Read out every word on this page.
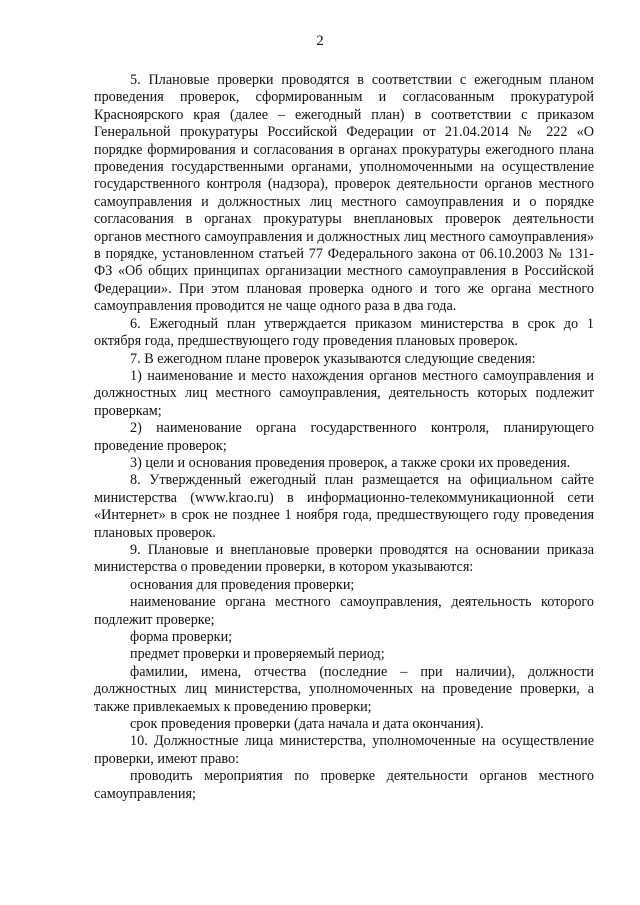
2

5. Плановые проверки проводятся в соответствии с ежегодным планом проведения проверок, сформированным и согласованным прокуратурой Красноярского края (далее – ежегодный план) в соответствии с приказом Генеральной прокуратуры Российской Федерации от 21.04.2014 № 222 «О порядке формирования и согласования в органах прокуратуры ежегодного плана проведения государственными органами, уполномоченными на осуществление государственного контроля (надзора), проверок деятельности органов местного самоуправления и должностных лиц местного самоуправления и о порядке согласования в органах прокуратуры внеплановых проверок деятельности органов местного самоуправления и должностных лиц местного самоуправления» в порядке, установленном статьей 77 Федерального закона от 06.10.2003 № 131-ФЗ «Об общих принципах организации местного самоуправления в Российской Федерации». При этом плановая проверка одного и того же органа местного самоуправления проводится не чаще одного раза в два года.

6. Ежегодный план утверждается приказом министерства в срок до 1 октября года, предшествующего году проведения плановых проверок.

7. В ежегодном плане проверок указываются следующие сведения:

1) наименование и место нахождения органов местного самоуправления и должностных лиц местного самоуправления, деятельность которых подлежит проверкам;

2) наименование органа государственного контроля, планирующего проведение проверок;

3) цели и основания проведения проверок, а также сроки их проведения.

8. Утвержденный ежегодный план размещается на официальном сайте министерства (www.krao.ru) в информационно-телекоммуникационной сети «Интернет» в срок не позднее 1 ноября года, предшествующего году проведения плановых проверок.

9. Плановые и внеплановые проверки проводятся на основании приказа министерства о проведении проверки, в котором указываются:

основания для проведения проверки;

наименование органа местного самоуправления, деятельность которого подлежит проверке;

форма проверки;

предмет проверки и проверяемый период;

фамилии, имена, отчества (последние – при наличии), должности должностных лиц министерства, уполномоченных на проведение проверки, а также привлекаемых к проведению проверки;

срок проведения проверки (дата начала и дата окончания).

10. Должностные лица министерства, уполномоченные на осуществление проверки, имеют право:

проводить мероприятия по проверке деятельности органов местного самоуправления;
